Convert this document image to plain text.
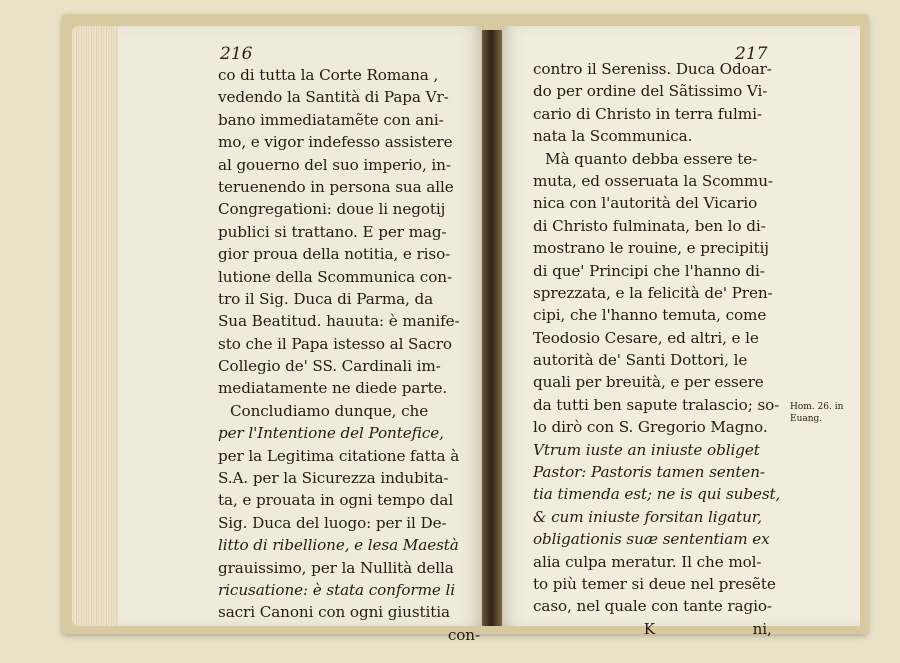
216	217
co di tutta la Corte Romana ,
vedendo la Santità di Papa Vr-
bano immediatamẽte con ani-
mo, e vigor indefesso assistere
al gouerno del suo imperio, in-
teruenendo in persona sua alle
Congregationi: doue li negotij
publici si trattano. E per mag-
gior proua della notitia, e riso-
lutione della Scommunica con-
tro il Sig. Duca di Parma, da
Sua Beatitud. hauuta: è manife-
sto che il Papa istesso al Sacro
Collegio de' SS. Cardinali im-
mediatamente ne diede parte.
Concludiamo dunque, che
per l'Intentione del Pontefice,
per la Legitima citatione fatta à
S.A. per la Sicurezza indubita-
ta, e prouata in ogni tempo dal
Sig. Duca del luogo: per il De-
litto di ribellione, e lesa Maestà
grauissimo, per la Nullità della
ricusatione: è stata conforme li
sacri Canoni con ogni giustitia
con-
contro il Sereniss. Duca Odoar-
do per ordine del Sãtissimo Vi-
cario di Christo in terra fulmi-
nata la Scommunica.
Mà quanto debba essere te-
muta, ed osseruata la Scommu-
nica con l'autorità del Vicario
di Christo fulminata, ben lo di-
mostrano le rouine, e precipitij
di que' Principi che l'hanno di-
sprezzata, e la felicità de' Pren-
cipi, che l'hanno temuta, come
Teodosio Cesare, ed altri, e le
autorità de' Santi Dottori, le
quali per breuità, e per essere
da tutti ben sapute tralascio; so-
lo dirò con S. Gregorio Magno.
Vtrum iuste an iniuste obliget
Pastor: Pastoris tamen senten-
tia timenda est; ne is qui subest,
& cum iniuste forsitan ligatur,
obligationis suæ sententiam ex
alia culpa meratur. Il che mol-
to più temer si deue nel presẽte
caso, nel quale con tante ragio-
K	ni,
Hom. 26. in
Euang.
